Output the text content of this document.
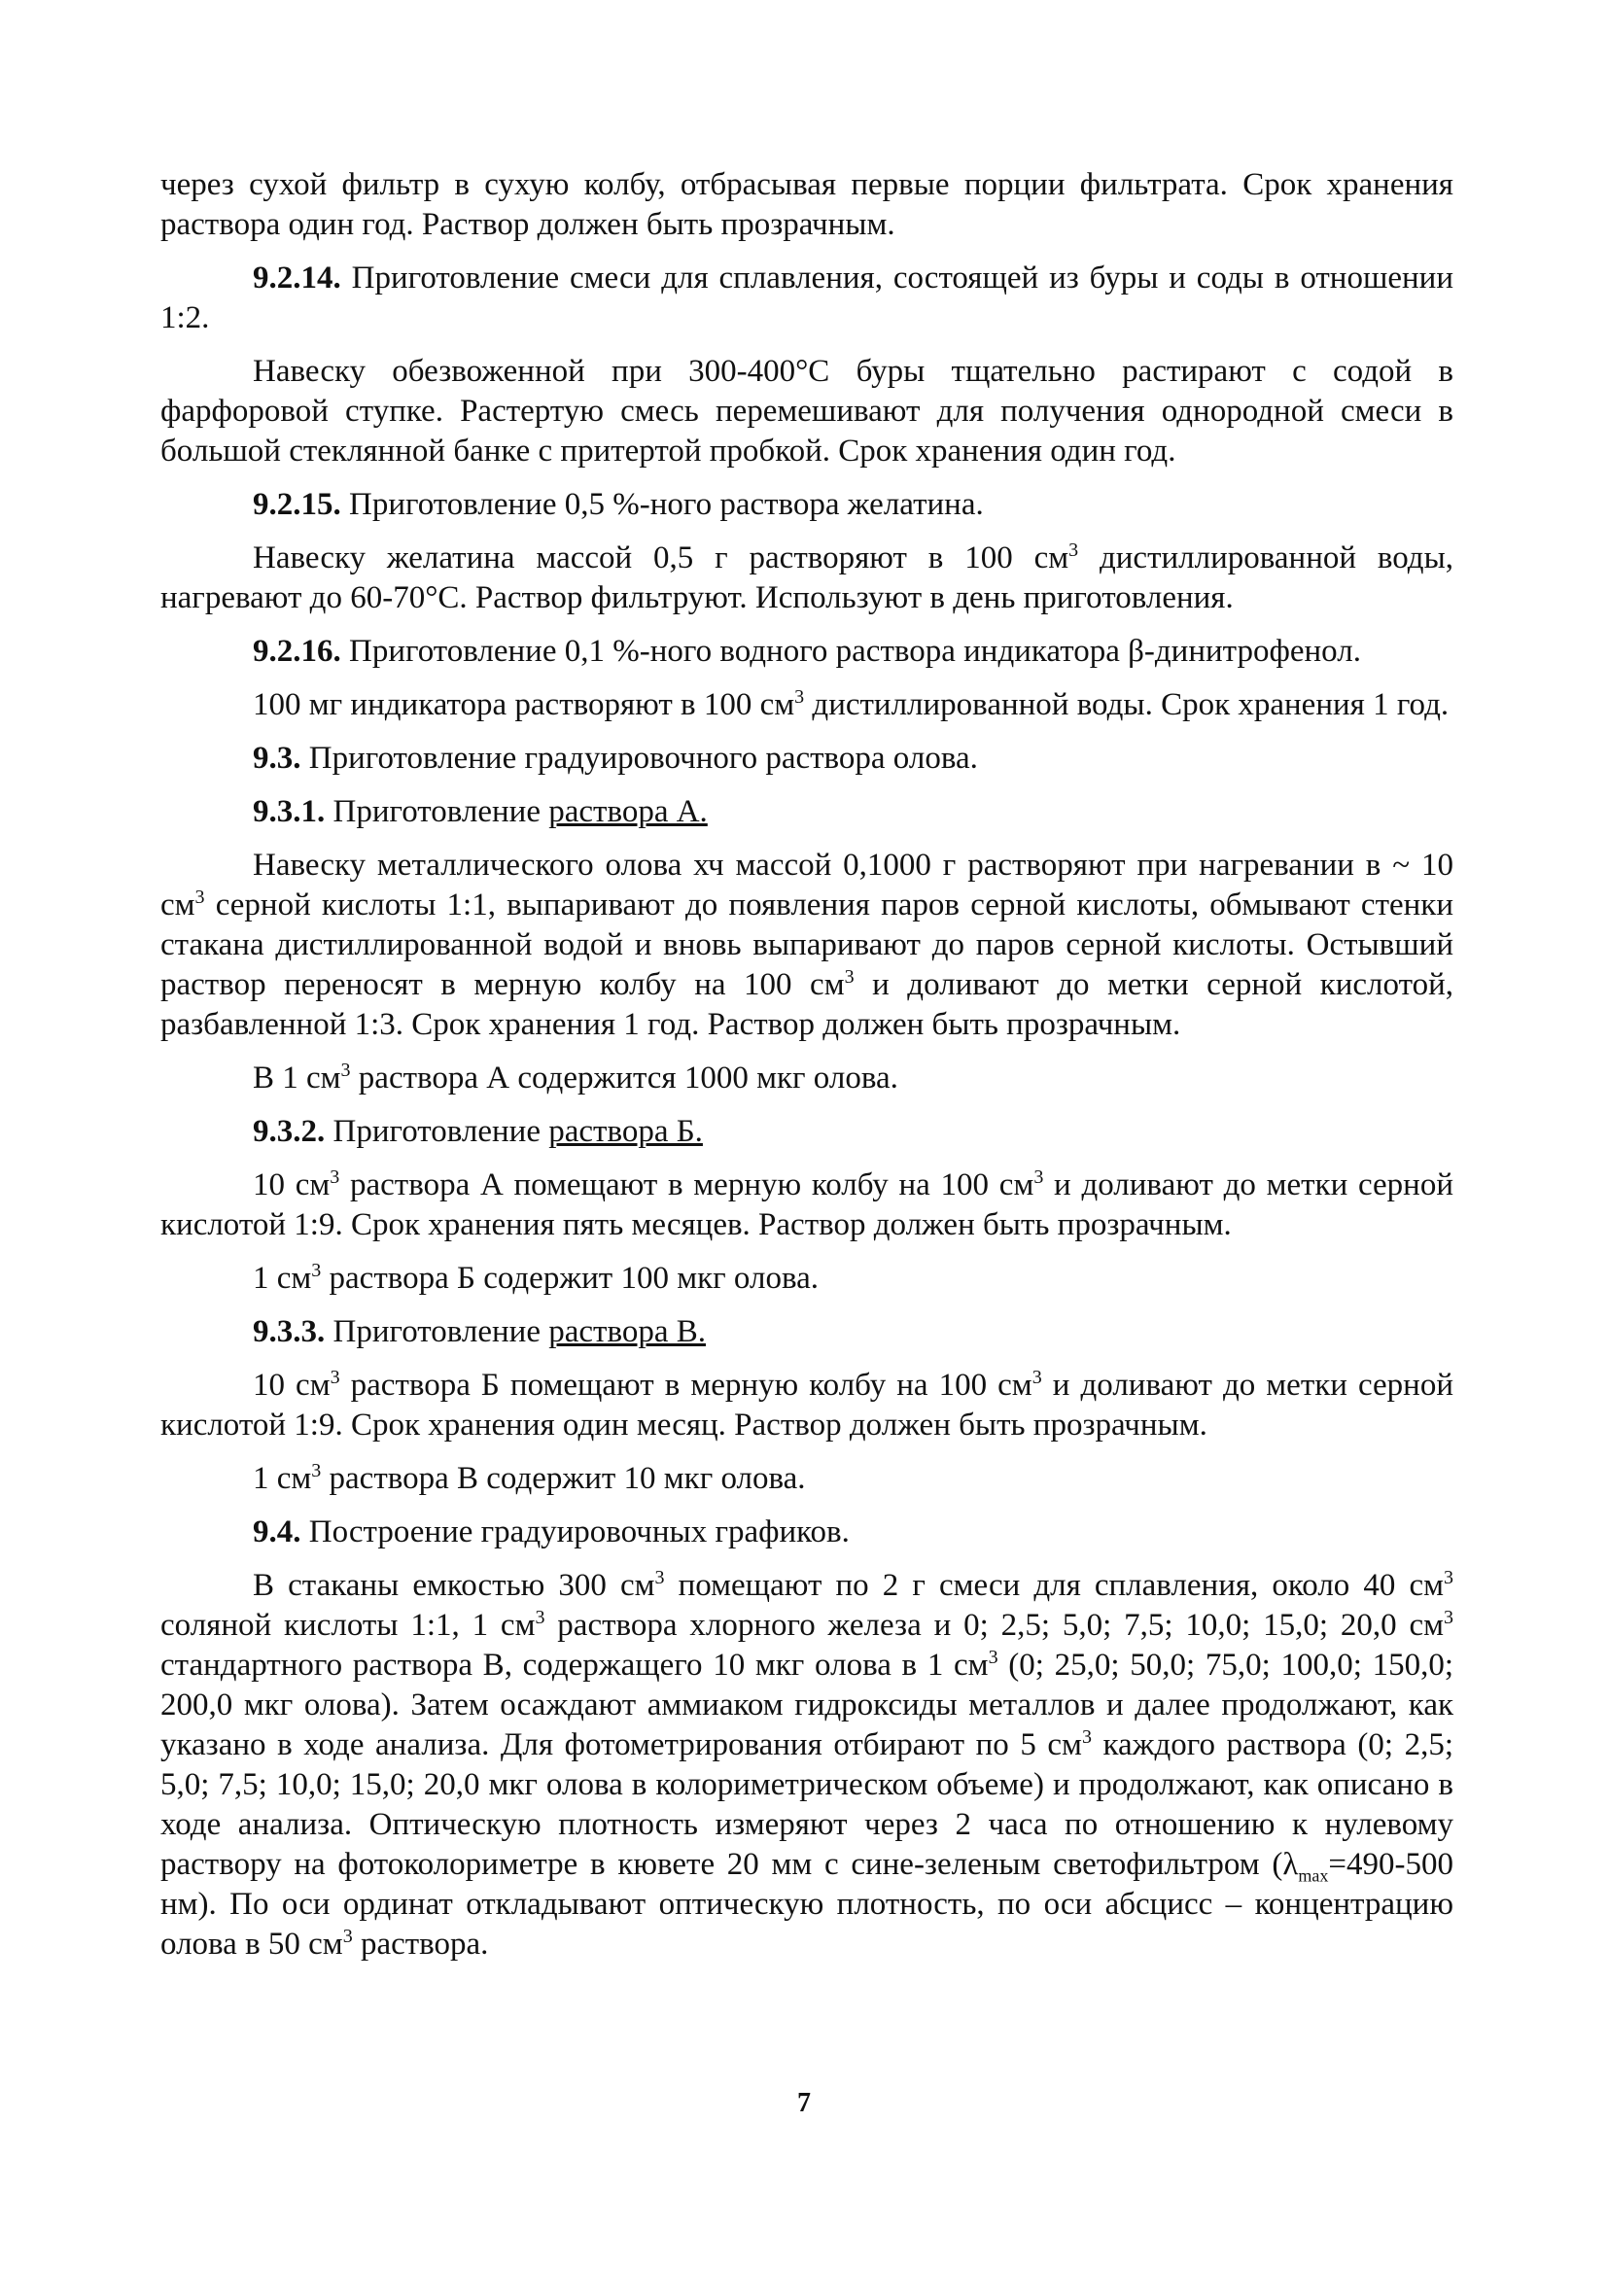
через сухой фильтр в сухую колбу, отбрасывая первые порции фильтрата. Срок хранения раствора один год. Раствор должен быть прозрачным.

9.2.14. Приготовление смеси для сплавления, состоящей из буры и соды в отношении 1:2.

Навеску обезвоженной при 300-400°С буры тщательно растирают с содой в фарфоровой ступке. Растертую смесь перемешивают для получения однородной смеси в большой стеклянной банке с притертой пробкой. Срок хранения один год.

9.2.15. Приготовление 0,5 %-ного раствора желатина.

Навеску желатина массой 0,5 г растворяют в 100 $см^3$ дистиллированной воды, нагревают до 60-70°С. Раствор фильтруют. Используют в день приготовления.

9.2.16. Приготовление 0,1 %-ного водного раствора индикатора β-динитрофенол.

100 мг индикатора растворяют в 100 $см^3$ дистиллированной воды. Срок хранения 1 год.

9.3. Приготовление градуировочного раствора олова.

9.3.1. Приготовление раствора А.

Навеску металлического олова хч массой 0,1000 г растворяют при нагревании в ~ 10 $см^3$ серной кислоты 1:1, выпаривают до появления паров серной кислоты, обмывают стенки стакана дистиллированной водой и вновь выпаривают до паров серной кислоты. Остывший раствор переносят в мерную колбу на 100 $см^3$ и доливают до метки серной кислотой, разбавленной 1:3. Срок хранения 1 год. Раствор должен быть прозрачным.

В 1 $см^3$ раствора А содержится 1000 мкг олова.

9.3.2. Приготовление раствора Б.

10 $см^3$ раствора А помещают в мерную колбу на 100 $см^3$ и доливают до метки серной кислотой 1:9. Срок хранения пять месяцев. Раствор должен быть прозрачным.

1 $см^3$ раствора Б содержит 100 мкг олова.

9.3.3. Приготовление раствора В.

10 $см^3$ раствора Б помещают в мерную колбу на 100 $см^3$ и доливают до метки серной кислотой 1:9. Срок хранения один месяц. Раствор должен быть прозрачным.

1 $см^3$ раствора В содержит 10 мкг олова.

9.4. Построение градуировочных графиков.

В стаканы емкостью 300 $см^3$ помещают по 2 г смеси для сплавления, около 40 $см^3$ соляной кислоты 1:1, 1 $см^3$ раствора хлорного железа и 0; 2,5; 5,0; 7,5; 10,0; 15,0; 20,0 $см^3$ стандартного раствора В, содержащего 10 мкг олова в 1 $см^3$ (0; 25,0; 50,0; 75,0; 100,0; 150,0; 200,0 мкг олова). Затем осаждают аммиаком гидроксиды металлов и далее продолжают, как указано в ходе анализа. Для фотометрирования отбирают по 5 $см^3$ каждого раствора (0; 2,5; 5,0; 7,5; 10,0; 15,0; 20,0 мкг олова в колориметрическом объеме) и продолжают, как описано в ходе анализа. Оптическую плотность измеряют через 2 часа по отношению к нулевому раствору на фотоколориметре в кювете 20 мм с сине-зеленым светофильтром ($\lambda_{max}=490-500$ нм). По оси ординат откладывают оптическую плотность, по оси абсцисс – концентрацию олова в 50 $см^3$ раствора.

7
